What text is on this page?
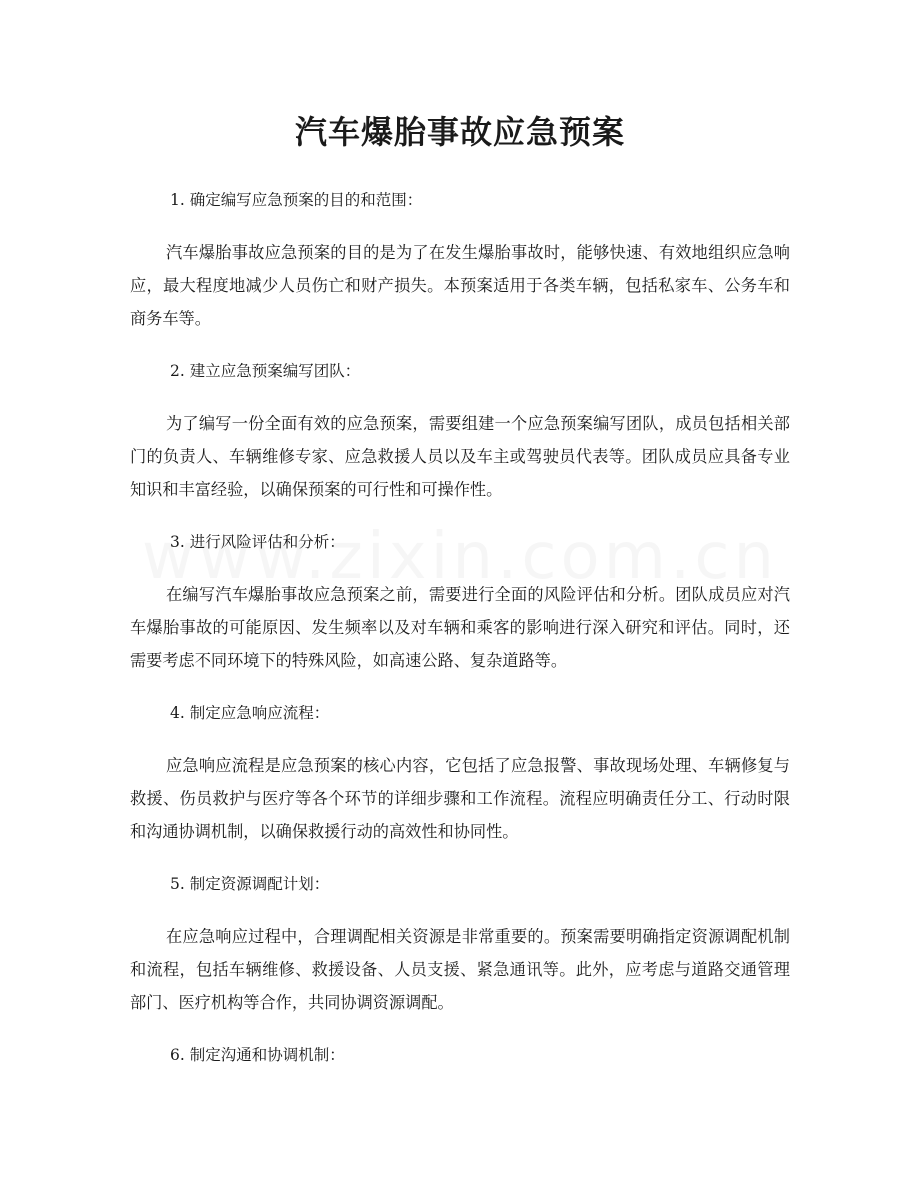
汽车爆胎事故应急预案

1. 确定编写应急预案的目的和范围：

汽车爆胎事故应急预案的目的是为了在发生爆胎事故时，能够快速、有效地组织应急响应，最大程度地减少人员伤亡和财产损失。本预案适用于各类车辆，包括私家车、公务车和商务车等。

2. 建立应急预案编写团队：

为了编写一份全面有效的应急预案，需要组建一个应急预案编写团队，成员包括相关部门的负责人、车辆维修专家、应急救援人员以及车主或驾驶员代表等。团队成员应具备专业知识和丰富经验，以确保预案的可行性和可操作性。

3. 进行风险评估和分析：

在编写汽车爆胎事故应急预案之前，需要进行全面的风险评估和分析。团队成员应对汽车爆胎事故的可能原因、发生频率以及对车辆和乘客的影响进行深入研究和评估。同时，还需要考虑不同环境下的特殊风险，如高速公路、复杂道路等。

4. 制定应急响应流程：

应急响应流程是应急预案的核心内容，它包括了应急报警、事故现场处理、车辆修复与救援、伤员救护与医疗等各个环节的详细步骤和工作流程。流程应明确责任分工、行动时限和沟通协调机制，以确保救援行动的高效性和协同性。

5. 制定资源调配计划：

在应急响应过程中，合理调配相关资源是非常重要的。预案需要明确指定资源调配机制和流程，包括车辆维修、救援设备、人员支援、紧急通讯等。此外，应考虑与道路交通管理部门、医疗机构等合作，共同协调资源调配。

6. 制定沟通和协调机制：
